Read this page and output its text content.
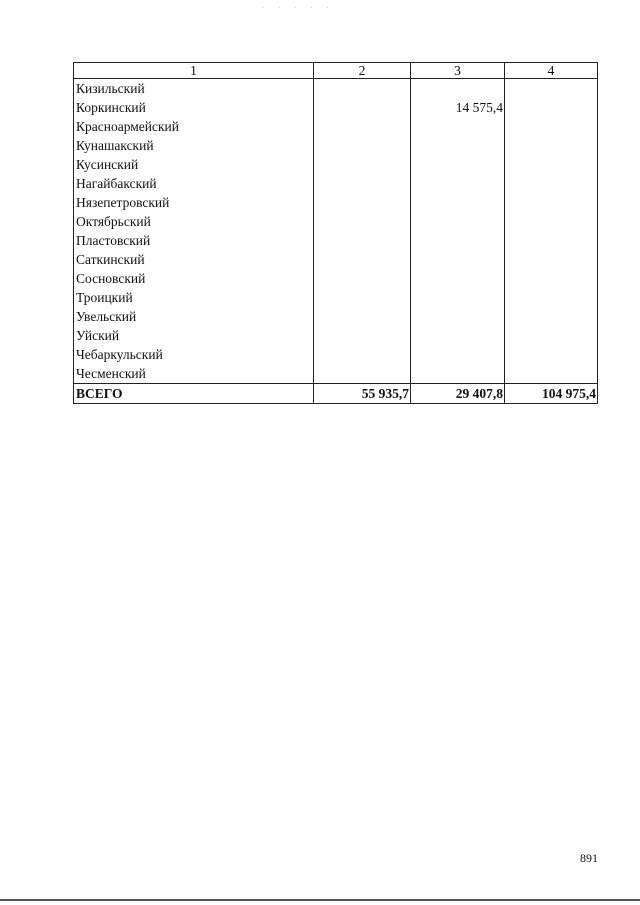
· · · · ·
1	2	3	4
Кизильский			
Коркинский		14 575,4	
Красноармейский			
Кунашакский			
Кусинский			
Нагайбакский			
Нязепетровский			
Октябрьский			
Пластовский			
Саткинский			
Сосновский			
Троицкий			
Увельский			
Уйский			
Чебаркульский			
Чесменский			
ВСЕГО	55 935,7	29 407,8	104 975,4
891
